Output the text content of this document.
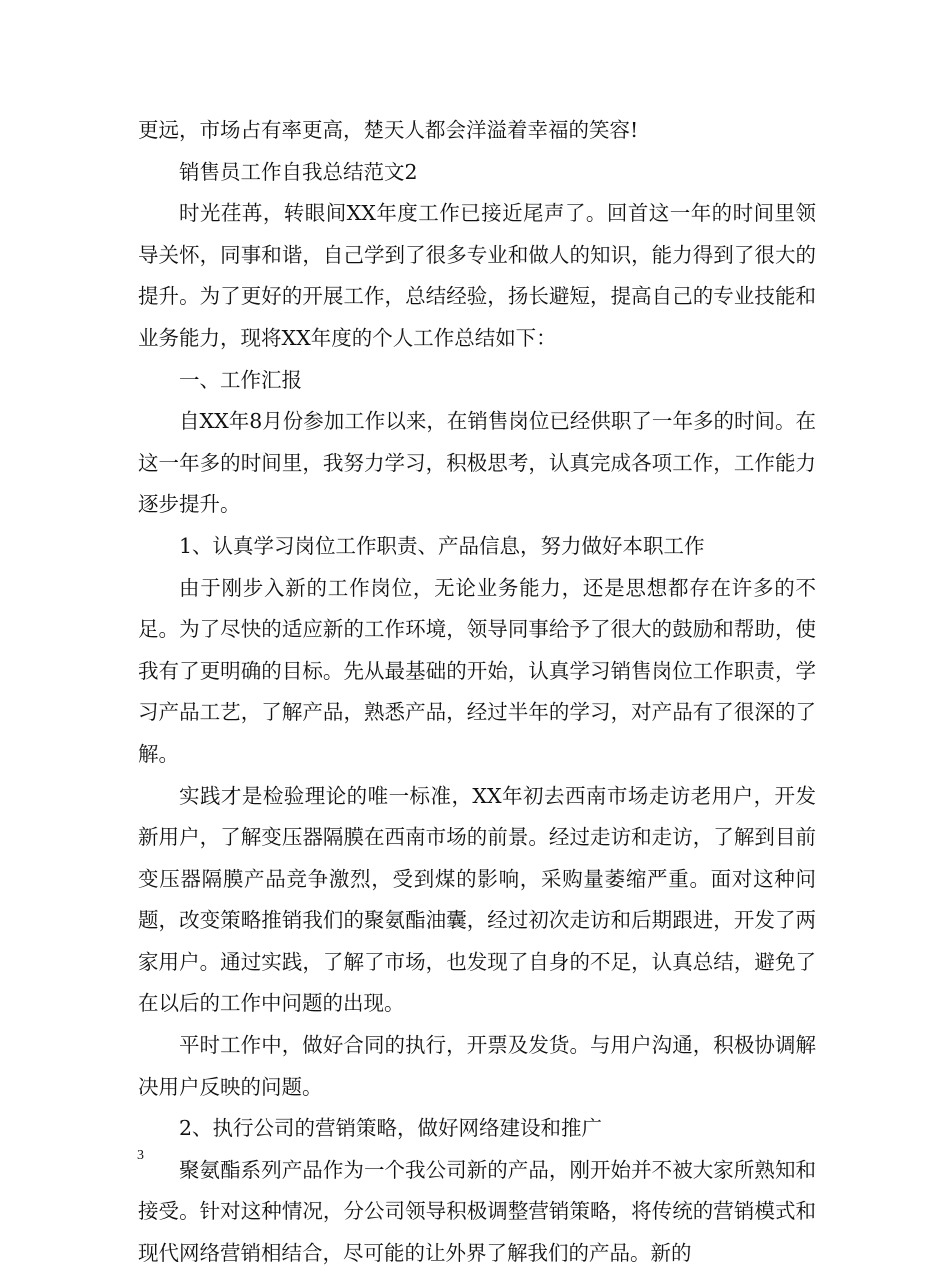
更远，市场占有率更高，楚天人都会洋溢着幸福的笑容!

销售员工作自我总结范文2

时光荏苒，转眼间XX年度工作已接近尾声了。回首这一年的时间里领导关怀，同事和谐，自己学到了很多专业和做人的知识，能力得到了很大的提升。为了更好的开展工作，总结经验，扬长避短，提高自己的专业技能和业务能力，现将XX年度的个人工作总结如下：

一、工作汇报

自XX年8月份参加工作以来，在销售岗位已经供职了一年多的时间。在这一年多的时间里，我努力学习，积极思考，认真完成各项工作，工作能力逐步提升。

1、认真学习岗位工作职责、产品信息，努力做好本职工作

由于刚步入新的工作岗位，无论业务能力，还是思想都存在许多的不足。为了尽快的适应新的工作环境，领导同事给予了很大的鼓励和帮助，使我有了更明确的目标。先从最基础的开始，认真学习销售岗位工作职责，学习产品工艺，了解产品，熟悉产品，经过半年的学习，对产品有了很深的了解。

实践才是检验理论的唯一标准，XX年初去西南市场走访老用户，开发新用户，了解变压器隔膜在西南市场的前景。经过走访和走访，了解到目前变压器隔膜产品竞争激烈，受到煤的影响，采购量萎缩严重。面对这种问题，改变策略推销我们的聚氨酯油囊，经过初次走访和后期跟进，开发了两家用户。通过实践，了解了市场，也发现了自身的不足，认真总结，避免了在以后的工作中问题的出现。

平时工作中，做好合同的执行，开票及发货。与用户沟通，积极协调解决用户反映的问题。

2、执行公司的营销策略，做好网络建设和推广

聚氨酯系列产品作为一个我公司新的产品，刚开始并不被大家所熟知和接受。针对这种情况，分公司领导积极调整营销策略，将传统的营销模式和现代网络营销相结合，尽可能的让外界了解我们的产品。新的

3
